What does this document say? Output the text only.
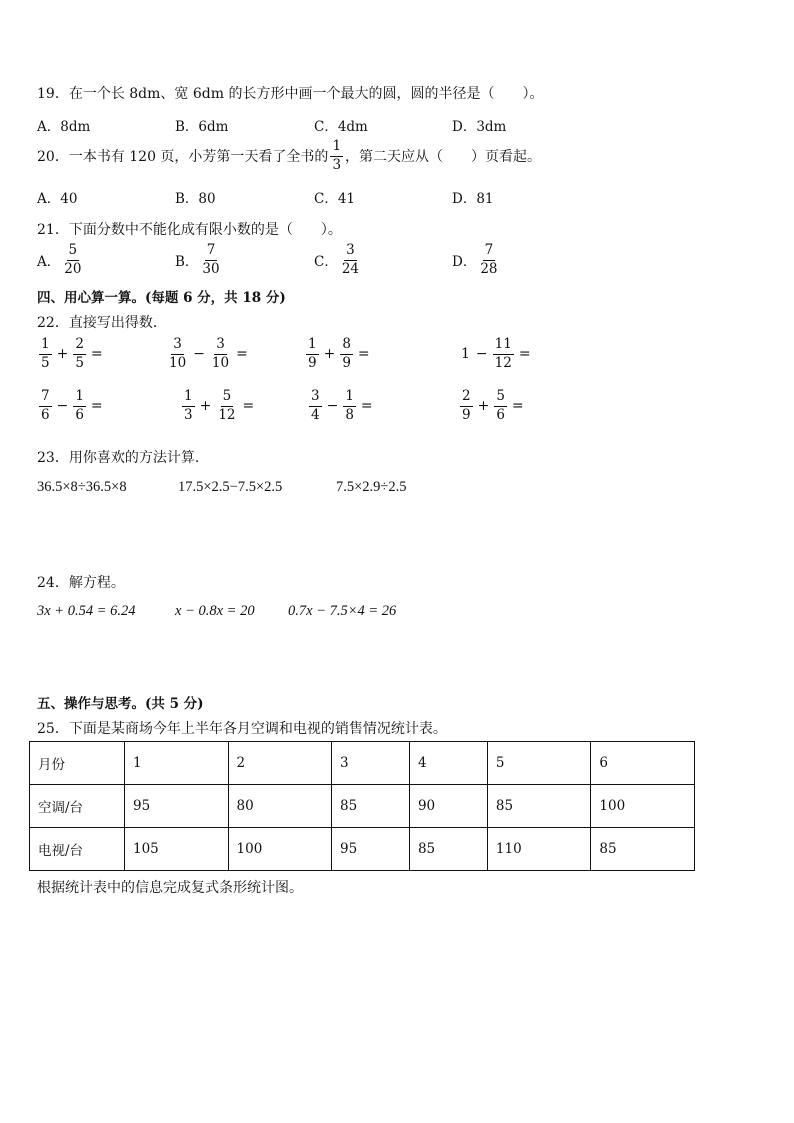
19．在一个长 8dm、宽 6dm 的长方形中画一个最大的圆，圆的半径是（　　）。
A．8dm	B．6dm	C．4dm	D．3dm
20．一本书有 120 页，小芳第一天看了全书的 $\frac{1}{3}$ ，第二天应从（　　）页看起。
A．40	B．80	C．41	D．81
21．下面分数中不能化成有限小数的是（　　）。
A． $\frac{5}{20}$	B． $\frac{7}{30}$	C． $\frac{3}{24}$	D． $\frac{7}{28}$
四、用心算一算。(每题 6 分，共 18 分)
22．直接写出得数．
$\frac{1}{5} + \frac{2}{5}$ =	$\frac{3}{10} - \frac{3}{10}$ =	$\frac{1}{9} + \frac{8}{9}$ =	$1 - \frac{11}{12}$ =
$\frac{7}{6} - \frac{1}{6}$ =	$\frac{1}{3} + \frac{5}{12}$ =	$\frac{3}{4} - \frac{1}{8}$ =	$\frac{2}{9} + \frac{5}{6}$ =
23．用你喜欢的方法计算．
36.5×8÷36.5×8	17.5×2.5−7.5×2.5	7.5×2.9÷2.5
24．解方程。
3x + 0.54 = 6.24	x − 0.8x = 20 0.7x − 7.5×4 = 26
五、操作与思考。(共 5 分)
25．下面是某商场今年上半年各月空调和电视的销售情况统计表。
月份	1	2	3	4	5	6
空调/台	95	80	85	90	85	100
电视/台	105	100	95	85	110	85
根据统计表中的信息完成复式条形统计图。
